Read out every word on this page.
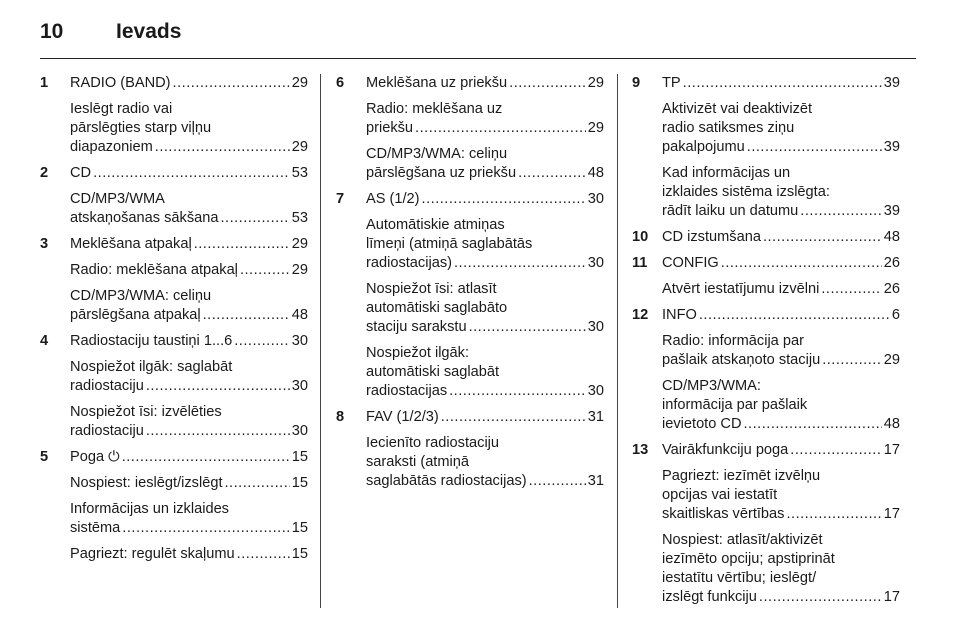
10	Ievads
1	RADIO (BAND) .....	29
Ieslēgt radio vai
pārslēgties starp viļņu
diapazoniem .....	29
2	CD .....	53
CD/MP3/WMA
atskaņošanas sākšana .....	53
3	Meklēšana atpakaļ .....	29
Radio: meklēšana atpakaļ .....	29
CD/MP3/WMA: celiņu
pārslēgšana atpakaļ .....	48
4	Radiostaciju taustiņi 1...6 .....	30
Nospiežot ilgāk: saglabāt
radiostaciju .....	30
Nospiežot īsi: izvēlēties
radiostaciju .....	30
5	Poga ⏻ .....	15
Nospiest: ieslēgt/izslēgt .....	15
Informācijas un izklaides
sistēma .....	15
Pagriezt: regulēt skaļumu .....	15
6	Meklēšana uz priekšu .....	29
Radio: meklēšana uz
priekšu .....	29
CD/MP3/WMA: celiņu
pārslēgšana uz priekšu .....	48
7	AS (1/2) .....	30
Automātiskie atmiņas
līmeņi (atmiņā saglabātās
radiostacijas) .....	30
Nospiežot īsi: atlasīt
automātiski saglabāto
staciju sarakstu .....	30
Nospiežot ilgāk:
automātiski saglabāt
radiostacijas .....	30
8	FAV (1/2/3) .....	31
Iecienīto radiostaciju
saraksti (atmiņā
saglabātās radiostacijas) .....	31
9	TP .....	39
Aktivizēt vai deaktivizēt
radio satiksmes ziņu
pakalpojumu .....	39
Kad informācijas un
izklaides sistēma izslēgta:
rādīt laiku un datumu .....	39
10 CD izstumšana .....	48
11 CONFIG .....	26
Atvērt iestatījumu izvēlni .....	26
12 INFO .....	6
Radio: informācija par
pašlaik atskaņoto staciju .....	29
CD/MP3/WMA:
informācija par pašlaik
ievietoto CD .....	48
13 Vairākfunkciju poga .....	17
Pagriezt: iezīmēt izvēlņu
opcijas vai iestatīt
skaitliskas vērtības .....	17
Nospiest: atlasīt/aktivizēt
iezīmēto opciju; apstiprināt
iestatītu vērtību; ieslēgt/
izslēgt funkciju .....	17
